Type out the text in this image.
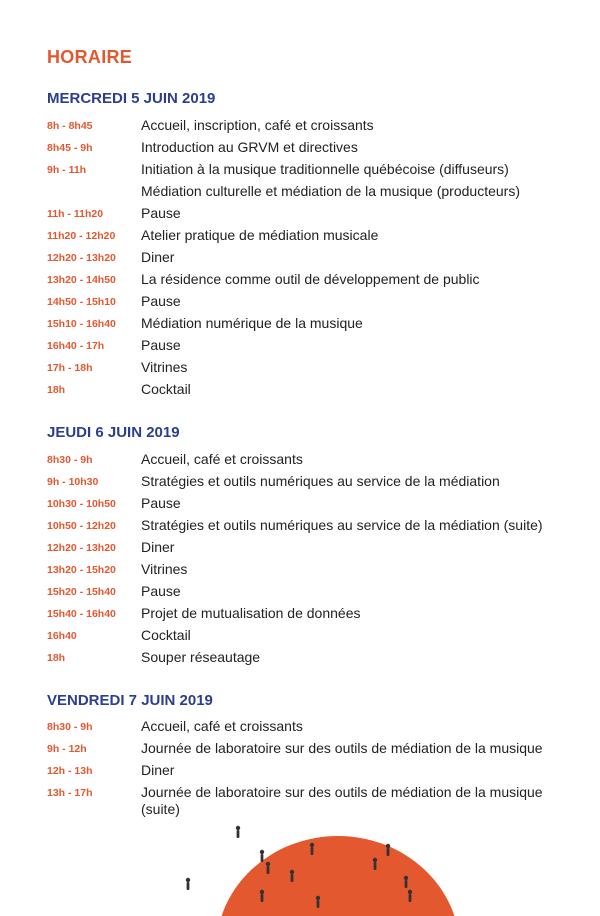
HORAIRE
MERCREDI 5 JUIN 2019
8h - 8h45	Accueil, inscription, café et croissants
8h45 - 9h	Introduction au GRVM et directives
9h - 11h	Initiation à la musique traditionnelle québécoise (diffuseurs)
Médiation culturelle et médiation de la musique (producteurs)
11h - 11h20	Pause
11h20 - 12h20 Atelier pratique de médiation musicale
12h20 - 13h20 Diner
13h20 - 14h50 La résidence comme outil de développement de public
14h50 - 15h10 Pause
15h10 - 16h40 Médiation numérique de la musique
16h40 - 17h	Pause
17h - 18h	Vitrines
18h	Cocktail
JEUDI 6 JUIN 2019
8h30 - 9h	Accueil, café et croissants
9h - 10h30	Stratégies et outils numériques au service de la médiation
10h30 - 10h50 Pause
10h50 - 12h20 Stratégies et outils numériques au service de la médiation (suite)
12h20 - 13h20 Diner
13h20 - 15h20 Vitrines
15h20 - 15h40 Pause
15h40 - 16h40 Projet de mutualisation de données
16h40	Cocktail
18h	Souper réseautage
VENDREDI 7 JUIN 2019
8h30 - 9h	Accueil, café et croissants
9h - 12h	Journée de laboratoire sur des outils de médiation de la musique
12h - 13h	Diner
13h - 17h	Journée de laboratoire sur des outils de médiation de la musique (suite)
